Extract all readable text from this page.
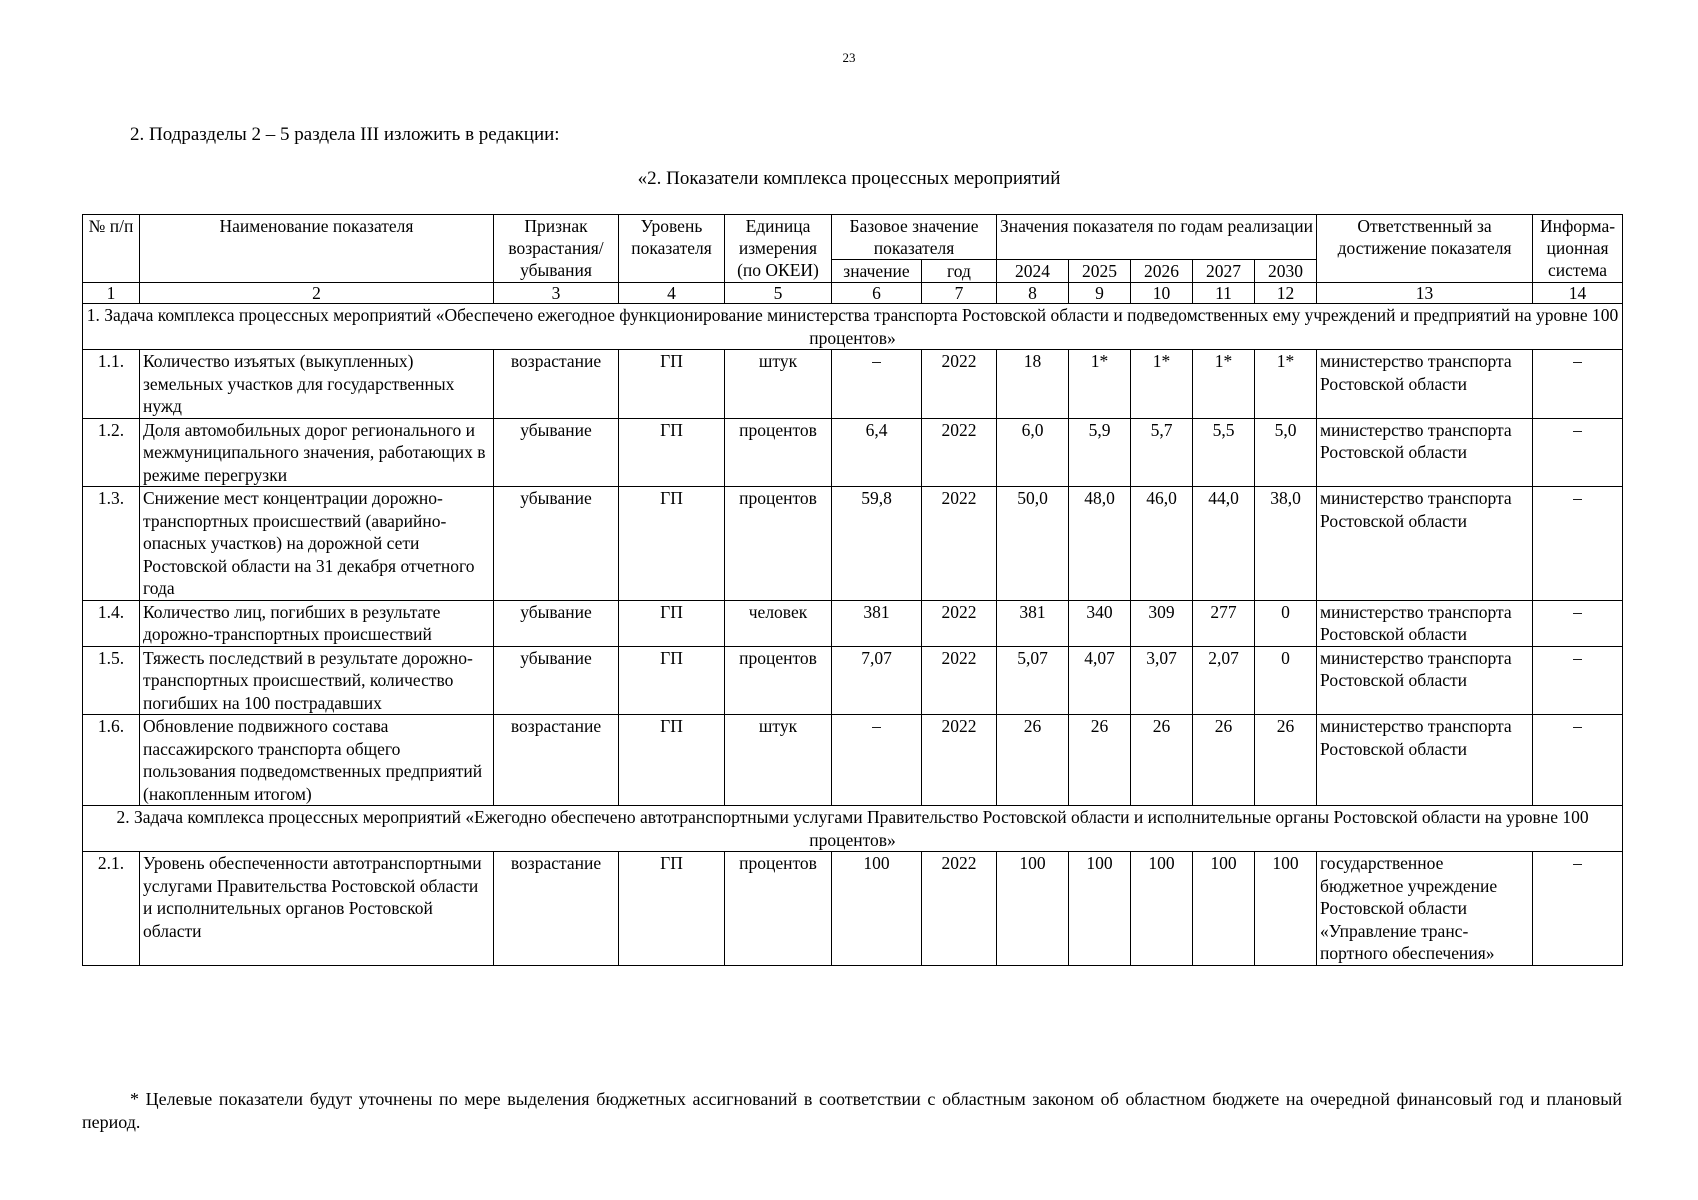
23
2. Подразделы 2 – 5 раздела III изложить в редакции:
«2. Показатели комплекса процессных мероприятий
№ п/п	Наименование показателя	Признак возрастания/ убывания	Уровень показателя	Единица измерения (по ОКЕИ)	Базовое значение показателя		Значения показателя по годам реализации					Ответственный за достижение показателя	Информа-ционная система
					значение	год	2024	2025	2026	2027	2030		
1	2	3	4	5	6	7	8	9	10	11	12	13	14
1. Задача комплекса процессных мероприятий «Обеспечено ежегодное функционирование министерства транспорта Ростовской области и подведомственных ему учреждений и предприятий на уровне 100 процентов»													
1.1.	Количество изъятых (выкупленных) земельных участков для государственных нужд	возрастание	ГП	штук	–	2022	18	1*	1*	1*	1*	министерство транспорта Ростовской области	–
1.2.	Доля автомобильных дорог регионального и межмуниципального значения, работающих в режиме перегрузки	убывание	ГП	процентов	6,4	2022	6,0	5,9	5,7	5,5	5,0	министерство транспорта Ростовской области	–
1.3.	Снижение мест концентрации дорожно-транспортных происшествий (аварийно-опасных участков) на дорожной сети Ростовской области на 31 декабря отчетного года	убывание	ГП	процентов	59,8	2022	50,0	48,0	46,0	44,0	38,0	министерство транспорта Ростовской области	–
1.4.	Количество лиц, погибших в результате дорожно-транспортных происшествий	убывание	ГП	человек	381	2022	381	340	309	277	0	министерство транспорта Ростовской области	–
1.5.	Тяжесть последствий в результате дорожно-транспортных происшествий, количество погибших на 100 пострадавших	убывание	ГП	процентов	7,07	2022	5,07	4,07	3,07	2,07	0	министерство транспорта Ростовской области	–
1.6.	Обновление подвижного состава пассажирского транспорта общего пользования подведомственных предприятий (накопленным итогом)	возрастание	ГП	штук	–	2022	26	26	26	26	26	министерство транспорта Ростовской области	–
2. Задача комплекса процессных мероприятий «Ежегодно обеспечено автотранспортными услугами Правительство Ростовской области и исполнительные органы Ростовской области на уровне 100 процентов»													
2.1.	Уровень обеспеченности автотранспортными услугами Правительства Ростовской области и исполнительных органов Ростовской области	возрастание	ГП	процентов	100	2022	100	100	100	100	100	государственное бюджетное учреждение Ростовской области «Управление транс-портного обеспечения»	–
* Целевые показатели будут уточнены по мере выделения бюджетных ассигнований в соответствии с областным законом об областном бюджете на очередной финансовый год и плановый период.
